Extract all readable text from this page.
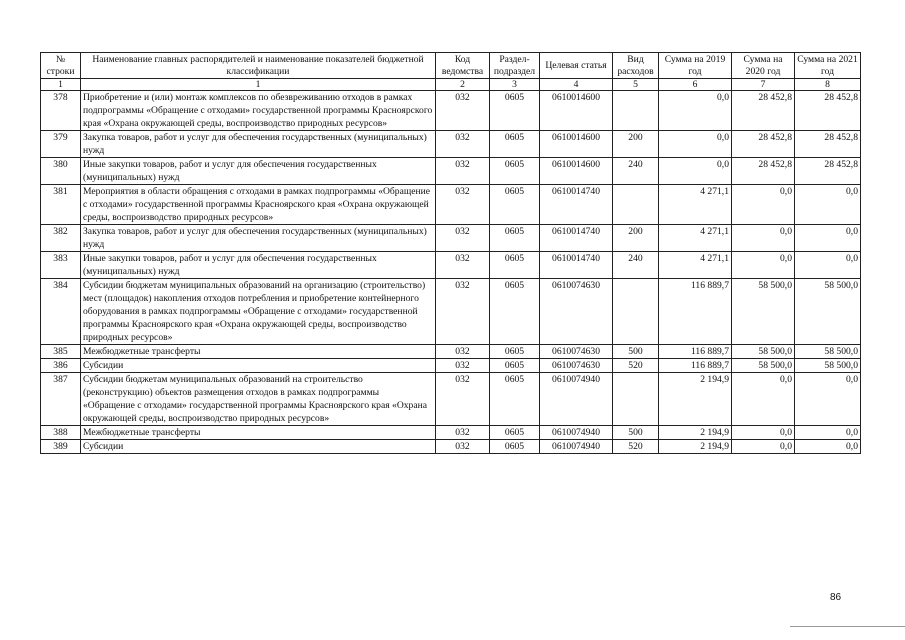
№ строки	Наименование главных распорядителей и наименование показателей бюджетной классификации	Код ведомства	Раздел-подраздел	Целевая статья	Вид расходов	Сумма на 2019 год	Сумма на 2020 год	Сумма на 2021 год
1	1	2	3	4	5	6	7	8
378	Приобретение и (или) монтаж комплексов по обезвреживанию отходов в рамках подпрограммы «Обращение с отходами» государственной программы Красноярского края «Охрана окружающей среды, воспроизводство природных ресурсов»	032	0605	0610014600		0,0	28 452,8	28 452,8
379	Закупка товаров, работ и услуг для обеспечения государственных (муниципальных) нужд	032	0605	0610014600	200	0,0	28 452,8	28 452,8
380	Иные закупки товаров, работ и услуг для обеспечения государственных (муниципальных) нужд	032	0605	0610014600	240	0,0	28 452,8	28 452,8
381	Мероприятия в области обращения с отходами в рамках подпрограммы «Обращение с отходами» государственной программы Красноярского края «Охрана окружающей среды, воспроизводство природных ресурсов»	032	0605	0610014740		4 271,1	0,0	0,0
382	Закупка товаров, работ и услуг для обеспечения государственных (муниципальных) нужд	032	0605	0610014740	200	4 271,1	0,0	0,0
383	Иные закупки товаров, работ и услуг для обеспечения государственных (муниципальных) нужд	032	0605	0610014740	240	4 271,1	0,0	0,0
384	Субсидии бюджетам муниципальных образований на организацию (строительство) мест (площадок) накопления отходов потребления и приобретение контейнерного оборудования в рамках подпрограммы «Обращение с отходами» государственной программы Красноярского края «Охрана окружающей среды, воспроизводство природных ресурсов»	032	0605	0610074630		116 889,7	58 500,0	58 500,0
385	Межбюджетные трансферты	032	0605	0610074630	500	116 889,7	58 500,0	58 500,0
386	Субсидии	032	0605	0610074630	520	116 889,7	58 500,0	58 500,0
387	Субсидии бюджетам муниципальных образований на строительство (реконструкцию) объектов размещения отходов в рамках подпрограммы «Обращение с отходами» государственной программы Красноярского края «Охрана окружающей среды, воспроизводство природных ресурсов»	032	0605	0610074940		2 194,9	0,0	0,0
388	Межбюджетные трансферты	032	0605	0610074940	500	2 194,9	0,0	0,0
389	Субсидии	032	0605	0610074940	520	2 194,9	0,0	0,0
86
